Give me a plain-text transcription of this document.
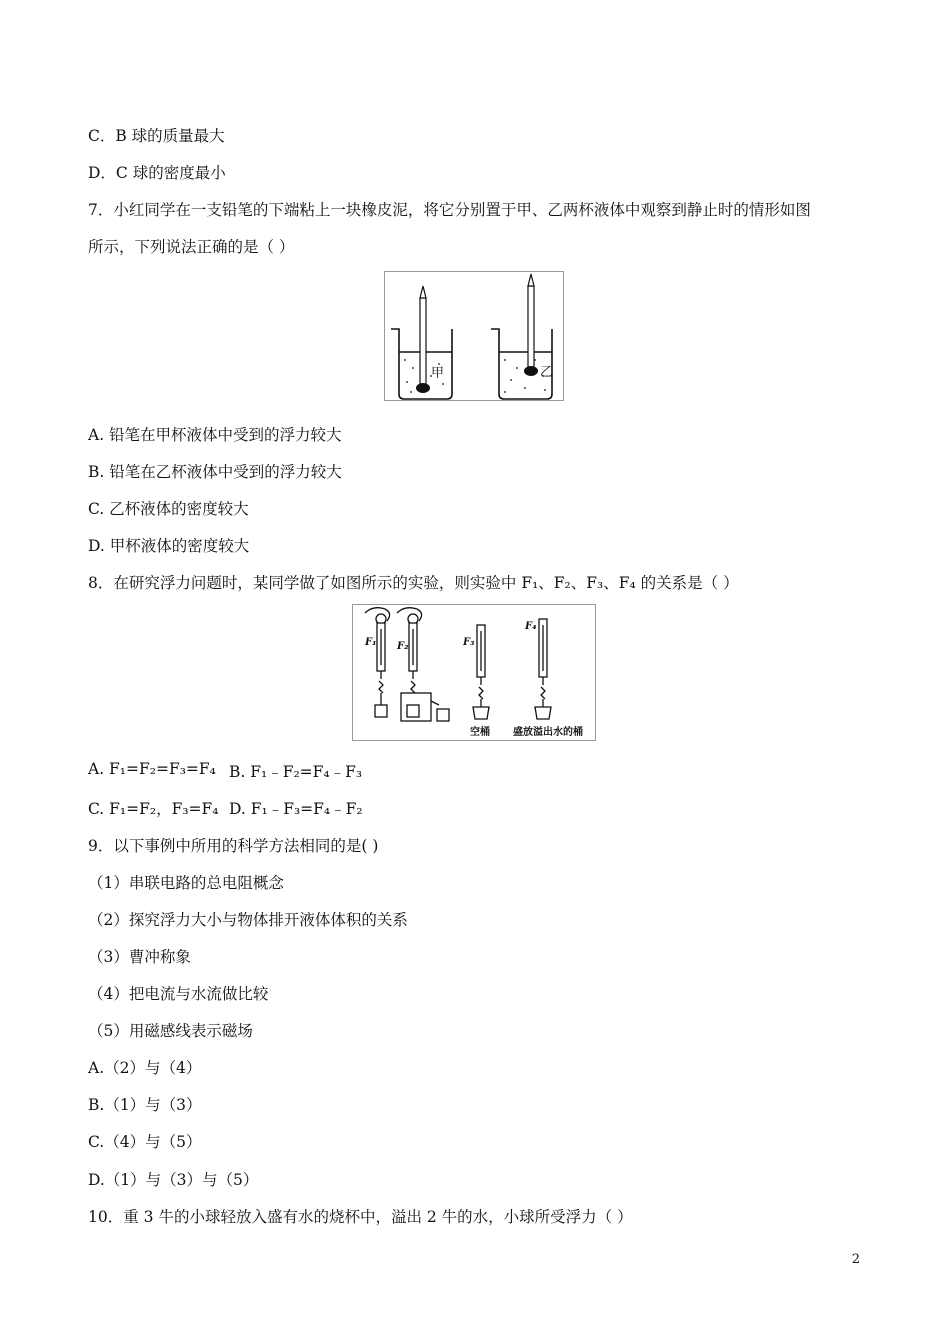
C．B 球的质量最大
D．C 球的密度最小
7．小红同学在一支铅笔的下端粘上一块橡皮泥，将它分别置于甲、乙两杯液体中观察到静止时的情形如图
所示，下列说法正确的是（ ）
甲	乙
A. 铅笔在甲杯液体中受到的浮力较大
B. 铅笔在乙杯液体中受到的浮力较大
C. 乙杯液体的密度较大
D. 甲杯液体的密度较大
8．在研究浮力问题时，某同学做了如图所示的实验，则实验中 F₁、F₂、F₃、F₄ 的关系是（ ）
F₁ F₂	F₃
F₄
空桶 盛放溢出水的桶
A. F₁=F₂=F₃=F₄ B. F₁﹣F₂=F₄﹣F₃
C. F₁=F₂，F₃=F₄ D. F₁﹣F₃=F₄﹣F₂
9．以下事例中所用的科学方法相同的是( )
（1）串联电路的总电阻概念
（2）探究浮力大小与物体排开液体体积的关系
（3）曹冲称象
（4）把电流与水流做比较
（5）用磁感线表示磁场
A.（2）与（4）
B.（1）与（3）
C.（4）与（5）
D.（1）与（3）与（5）
10．重 3 牛的小球轻放入盛有水的烧杯中，溢出 2 牛的水，小球所受浮力（ ）
2
